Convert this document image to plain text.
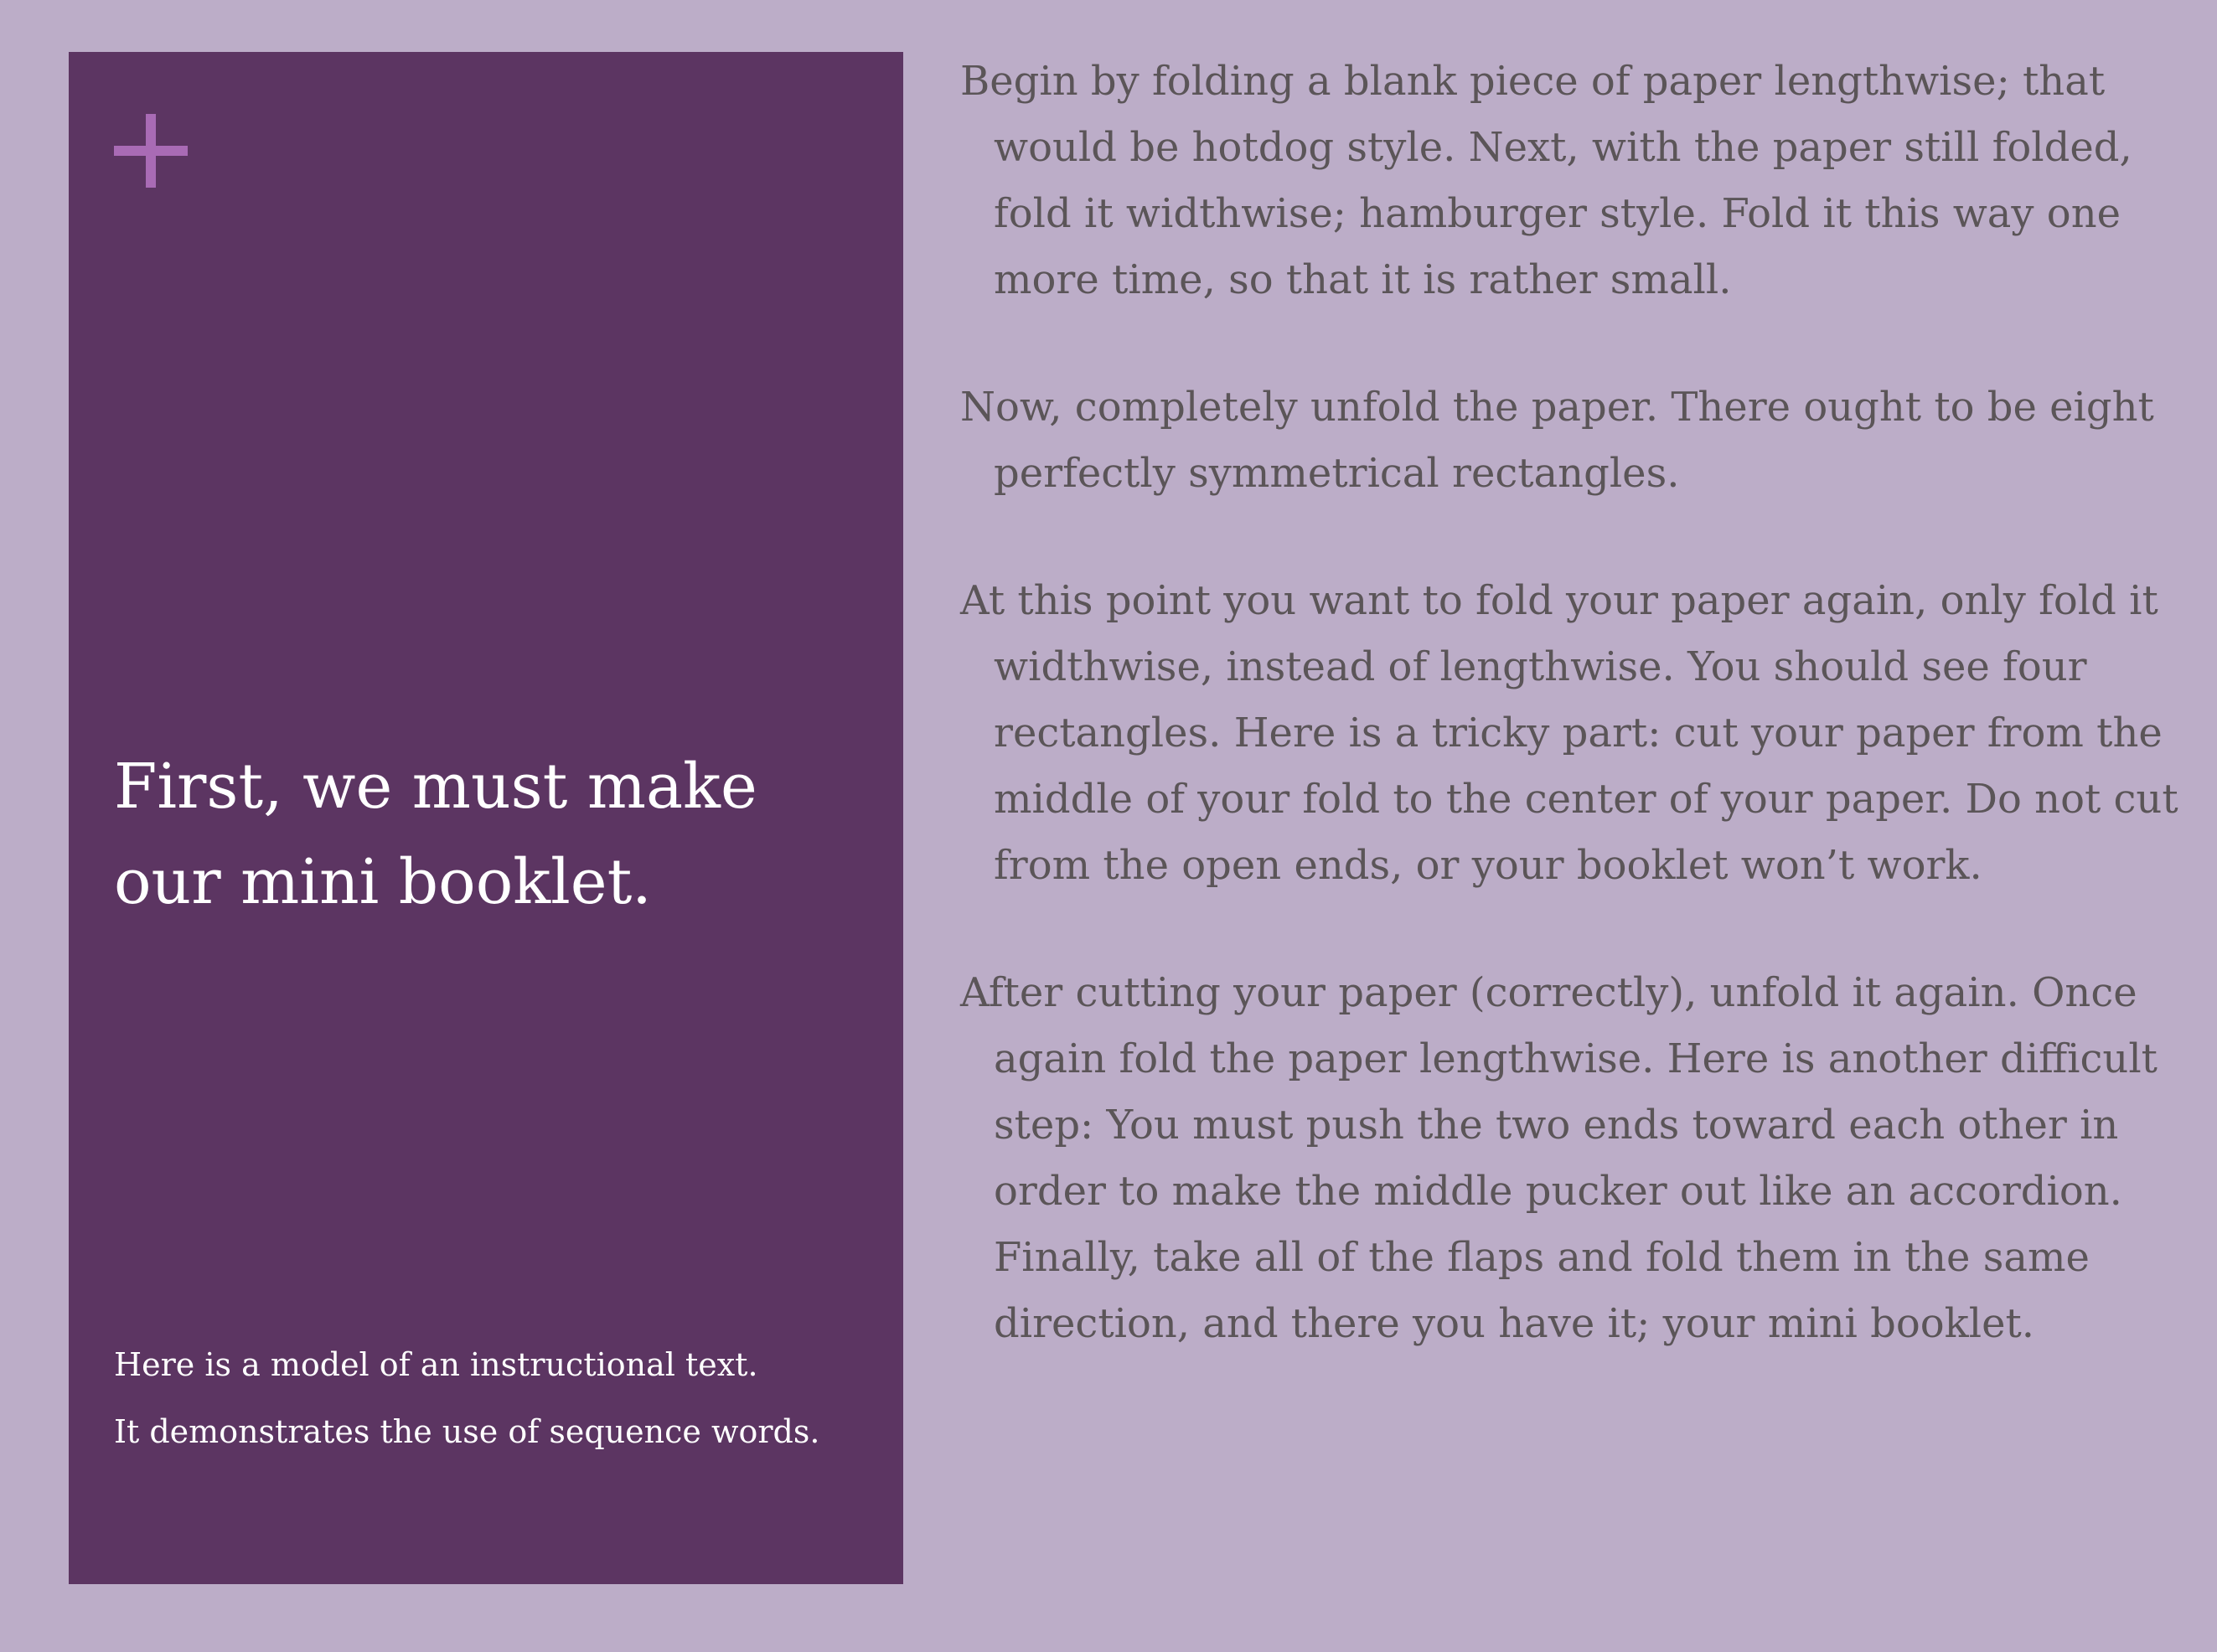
First, we must make our mini booklet.

Here is a model of an instructional text.

It demonstrates the use of sequence words.

Begin by folding a blank piece of paper lengthwise; that would be hotdog style. Next, with the paper still folded, fold it widthwise; hamburger style. Fold it this way one more time, so that it is rather small.

Now, completely unfold the paper. There ought to be eight perfectly symmetrical rectangles.

At this point you want to fold your paper again, only fold it widthwise, instead of lengthwise. You should see four rectangles. Here is a tricky part: cut your paper from the middle of your fold to the center of your paper. Do not cut from the open ends, or your booklet won’t work.

After cutting your paper (correctly), unfold it again. Once again fold the paper lengthwise. Here is another difficult step: You must push the two ends toward each other in order to make the middle pucker out like an accordion. Finally, take all of the flaps and fold them in the same direction, and there you have it; your mini booklet.
